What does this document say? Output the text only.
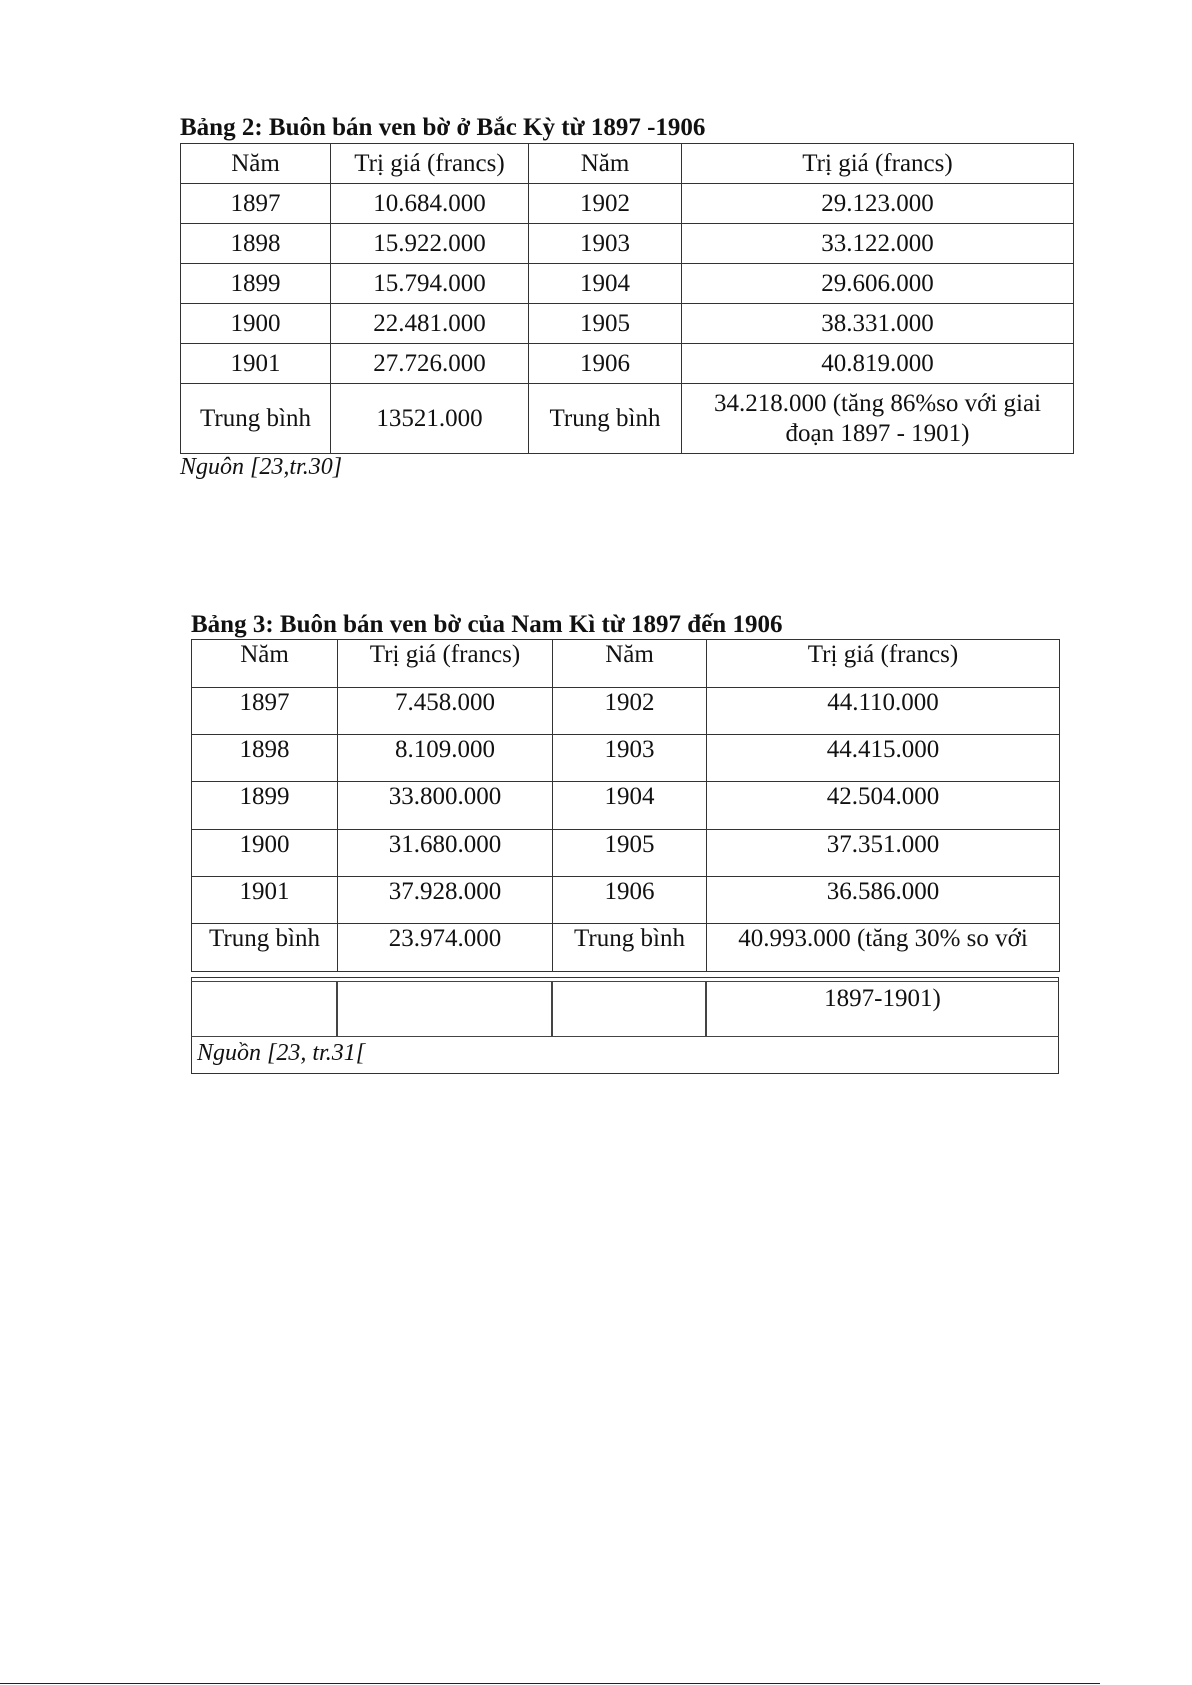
Bảng 2: Buôn bán ven bờ ở Bắc Kỳ từ 1897 -1906
Năm	Trị giá (francs)	Năm	Trị giá (francs)
1897	10.684.000	1902	29.123.000
1898	15.922.000	1903	33.122.000
1899	15.794.000	1904	29.606.000
1900	22.481.000	1905	38.331.000
1901	27.726.000	1906	40.819.000
Trung bình	13521.000	Trung bình	34.218.000 (tăng 86%so với giai
đoạn 1897 - 1901)
Nguôn [23,tr.30]
Bảng 3: Buôn bán ven bờ của Nam Kì từ 1897 đến 1906
Năm	Trị giá (francs)	Năm	Trị giá (francs)
1897	7.458.000	1902	44.110.000
1898	8.109.000	1903	44.415.000
1899	33.800.000	1904	42.504.000
1900	31.680.000	1905	37.351.000
1901	37.928.000	1906	36.586.000
Trung bình	23.974.000	Trung bình	40.993.000 (tăng 30% so với
1897-1901)
Nguồn [23, tr.31[
